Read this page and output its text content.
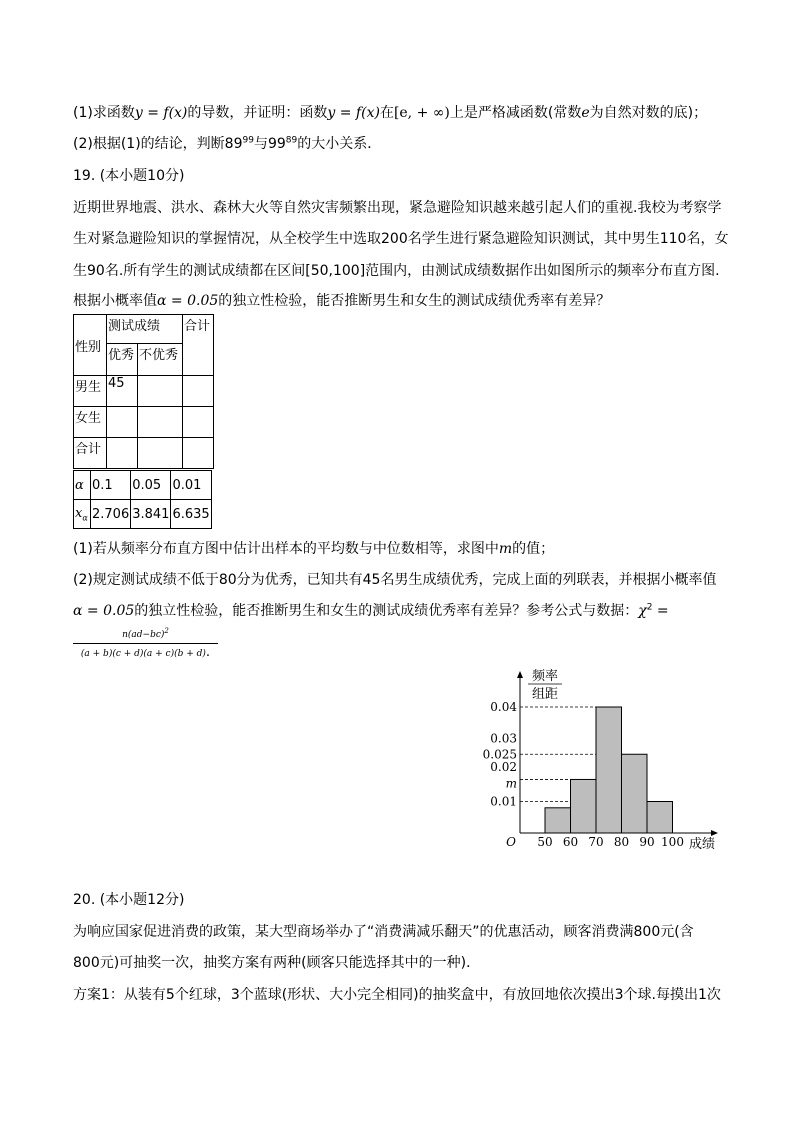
(1)求函数y = f(x)的导数，并证明：函数y = f(x)在[e, + ∞)上是严格减函数(常数e为自然对数的底)；
(2)根据(1)的结论，判断$89^{99}$与$99^{89}$的大小关系．
19. (本小题10分)
近期世界地震、洪水、森林大火等自然灾害频繁出现，紧急避险知识越来越引起人们的重视.我校为考察学
生对紧急避险知识的掌握情况，从全校学生中选取200名学生进行紧急避险知识测试，其中男生110名，女
生90名.所有学生的测试成绩都在区间[50,100]范围内，由测试成绩数据作出如图所示的频率分布直方图.
根据小概率值α = 0.05的独立性检验，能否推断男生和女生的测试成绩优秀率有差异？
性别	测试成绩		合计
	优秀	不优秀	
男生	45		
女生			
合计			
α	0.1	0.05	0.01
$x_\alpha$	2.706	3.841	6.635
(1)若从频率分布直方图中估计出样本的平均数与中位数相等，求图中m的值；
(2)规定测试成绩不低于80分为优秀，已知共有45名男生成绩优秀，完成上面的列联表，并根据小概率值
α = 0.05的独立性检验，能否推断男生和女生的测试成绩优秀率有差异？参考公式与数据：$\chi^2$ =
$n(ad-bc)^2$
(a + b)(c + d)(a + c)(b + d).
0.01
m
0.02
0.025
0.03
0.04
50 60 70 80 90 100
O	成绩
频率
组距
20. (本小题12分)
为响应国家促进消费的政策，某大型商场举办了“消费满减乐翻天”的优惠活动，顾客消费满800元(含
800元)可抽奖一次，抽奖方案有两种(顾客只能选择其中的一种)．
方案1：从装有5个红球，3个蓝球(形状、大小完全相同)的抽奖盒中，有放回地依次摸出3个球.每摸出1次
